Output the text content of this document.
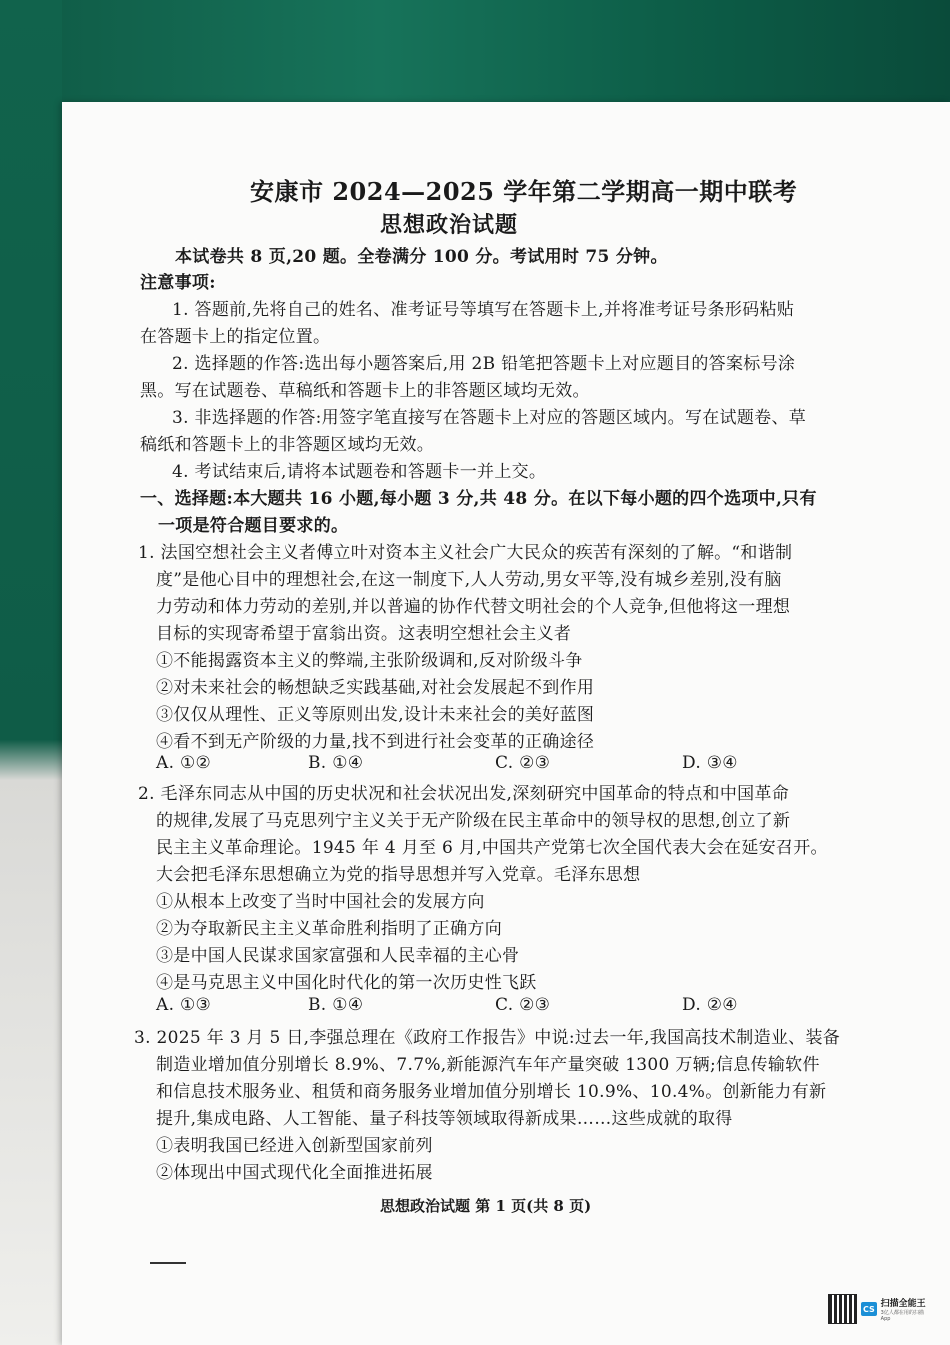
安康市 2024—2025 学年第二学期高一期中联考
思想政治试题
本试卷共 8 页,20 题。全卷满分 100 分。考试用时 75 分钟。
注意事项:
1. 答题前,先将自己的姓名、准考证号等填写在答题卡上,并将准考证号条形码粘贴
在答题卡上的指定位置。
2. 选择题的作答:选出每小题答案后,用 2B 铅笔把答题卡上对应题目的答案标号涂
黑。写在试题卷、草稿纸和答题卡上的非答题区域均无效。
3. 非选择题的作答:用签字笔直接写在答题卡上对应的答题区域内。写在试题卷、草
稿纸和答题卡上的非答题区域均无效。
4. 考试结束后,请将本试题卷和答题卡一并上交。
一、选择题:本大题共 16 小题,每小题 3 分,共 48 分。在以下每小题的四个选项中,只有
一项是符合题目要求的。
1. 法国空想社会主义者傅立叶对资本主义社会广大民众的疾苦有深刻的了解。“和谐制
度”是他心目中的理想社会,在这一制度下,人人劳动,男女平等,没有城乡差别,没有脑
力劳动和体力劳动的差别,并以普遍的协作代替文明社会的个人竞争,但他将这一理想
目标的实现寄希望于富翁出资。这表明空想社会主义者
①不能揭露资本主义的弊端,主张阶级调和,反对阶级斗争
②对未来社会的畅想缺乏实践基础,对社会发展起不到作用
③仅仅从理性、正义等原则出发,设计未来社会的美好蓝图
④看不到无产阶级的力量,找不到进行社会变革的正确途径
A. ①②	B. ①④	C. ②③	D. ③④
2. 毛泽东同志从中国的历史状况和社会状况出发,深刻研究中国革命的特点和中国革命
的规律,发展了马克思列宁主义关于无产阶级在民主革命中的领导权的思想,创立了新
民主主义革命理论。1945 年 4 月至 6 月,中国共产党第七次全国代表大会在延安召开。
大会把毛泽东思想确立为党的指导思想并写入党章。毛泽东思想
①从根本上改变了当时中国社会的发展方向
②为夺取新民主主义革命胜利指明了正确方向
③是中国人民谋求国家富强和人民幸福的主心骨
④是马克思主义中国化时代化的第一次历史性飞跃
A. ①③	B. ①④	C. ②③	D. ②④
3. 2025 年 3 月 5 日,李强总理在《政府工作报告》中说:过去一年,我国高技术制造业、装备
制造业增加值分别增长 8.9%、7.7%,新能源汽车年产量突破 1300 万辆;信息传输软件
和信息技术服务业、租赁和商务服务业增加值分别增长 10.9%、10.4%。创新能力有新
提升,集成电路、人工智能、量子科技等领域取得新成果……这些成就的取得
①表明我国已经进入创新型国家前列
②体现出中国式现代化全面推进拓展
思想政治试题 第 1 页(共 8 页)
CS 扫描全能王
3亿人都在用的扫描App
